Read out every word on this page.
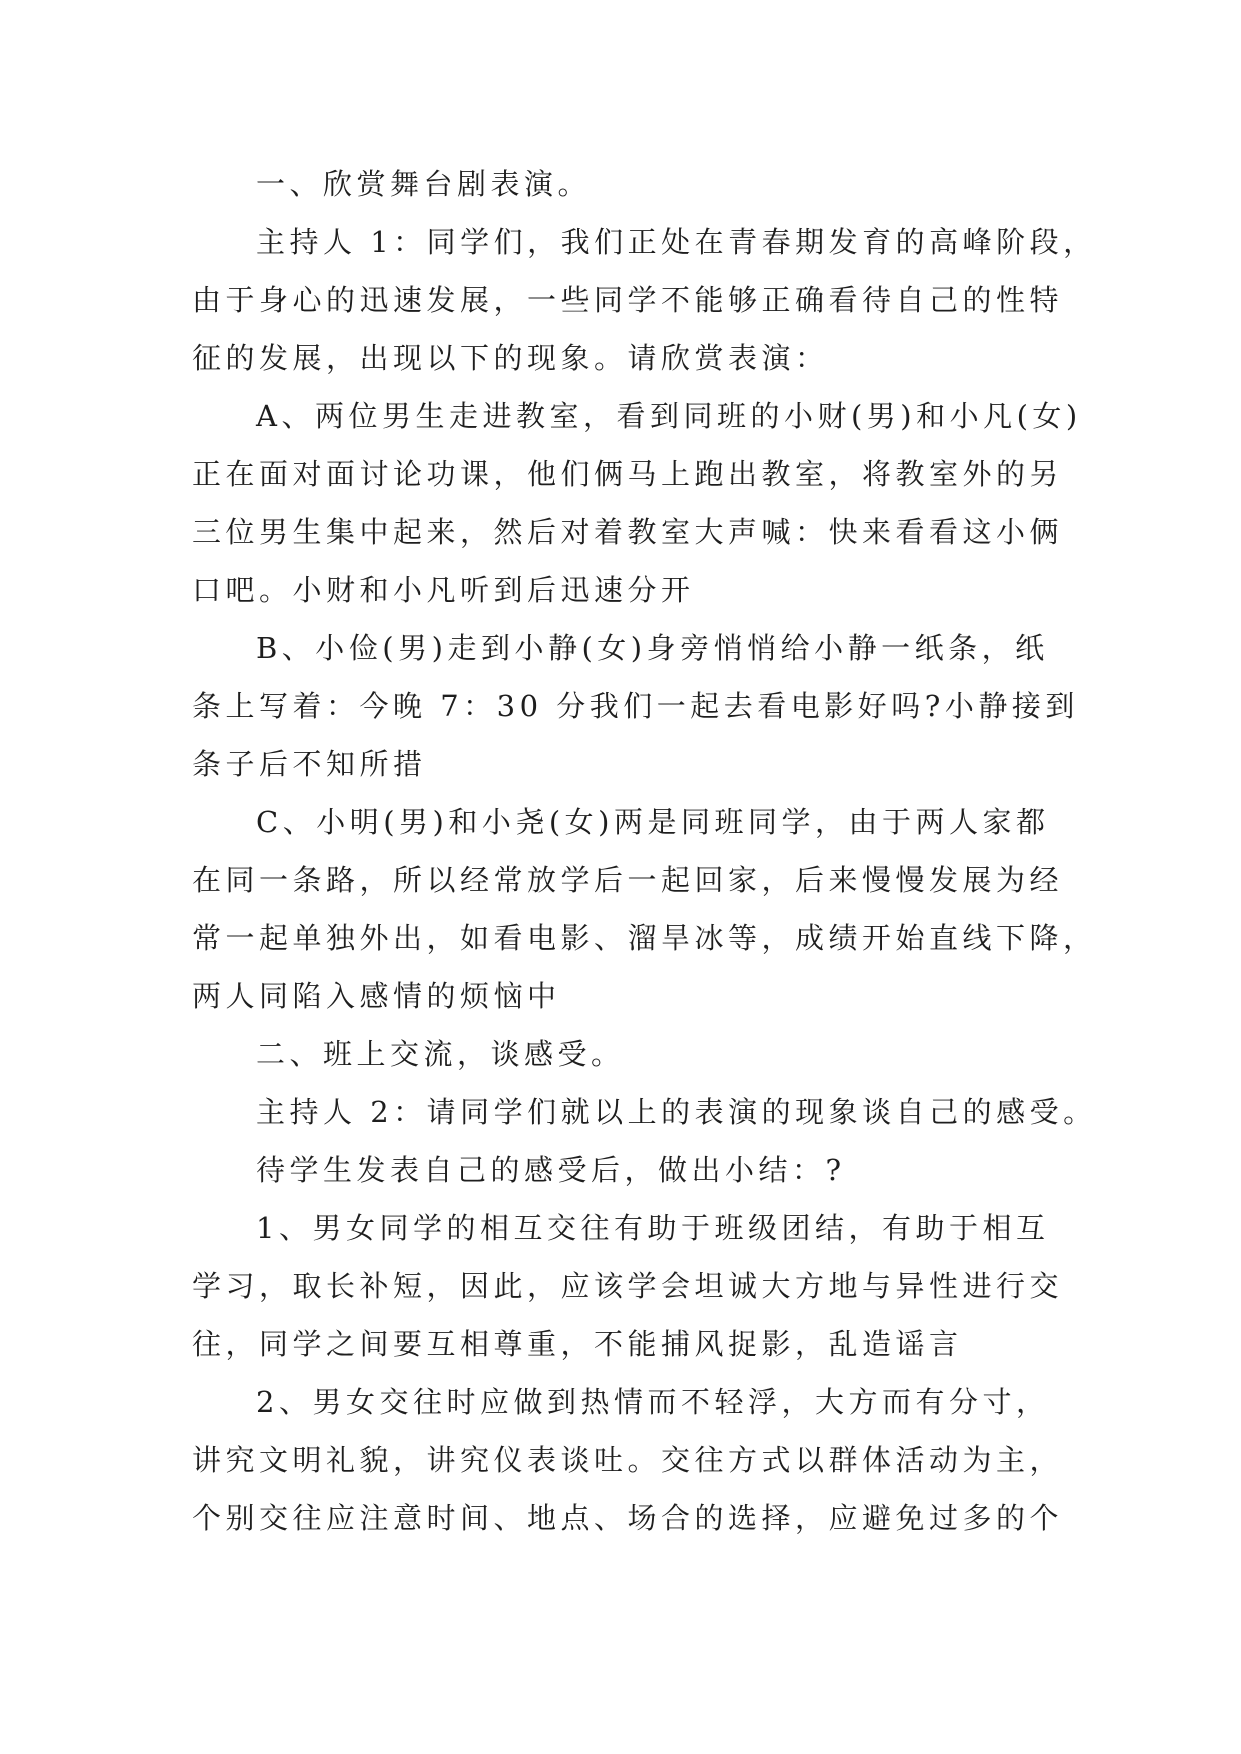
一、欣赏舞台剧表演。
主持人 1：同学们，我们正处在青春期发育的高峰阶段，
由于身心的迅速发展，一些同学不能够正确看待自己的性特
征的发展，出现以下的现象。请欣赏表演：
A、两位男生走进教室，看到同班的小财(男)和小凡(女)
正在面对面讨论功课，他们俩马上跑出教室，将教室外的另
三位男生集中起来，然后对着教室大声喊：快来看看这小俩
口吧。小财和小凡听到后迅速分开
B、小俭(男)走到小静(女)身旁悄悄给小静一纸条，纸
条上写着：今晚 7：30 分我们一起去看电影好吗?小静接到
条子后不知所措
C、小明(男)和小尧(女)两是同班同学，由于两人家都
在同一条路，所以经常放学后一起回家，后来慢慢发展为经
常一起单独外出，如看电影、溜旱冰等，成绩开始直线下降，
两人同陷入感情的烦恼中
二、班上交流，谈感受。
主持人 2：请同学们就以上的表演的现象谈自己的感受。
待学生发表自己的感受后，做出小结：?
1、男女同学的相互交往有助于班级团结，有助于相互
学习，取长补短，因此，应该学会坦诚大方地与异性进行交
往，同学之间要互相尊重，不能捕风捉影，乱造谣言
2、男女交往时应做到热情而不轻浮，大方而有分寸，
讲究文明礼貌，讲究仪表谈吐。交往方式以群体活动为主，
个别交往应注意时间、地点、场合的选择，应避免过多的个
